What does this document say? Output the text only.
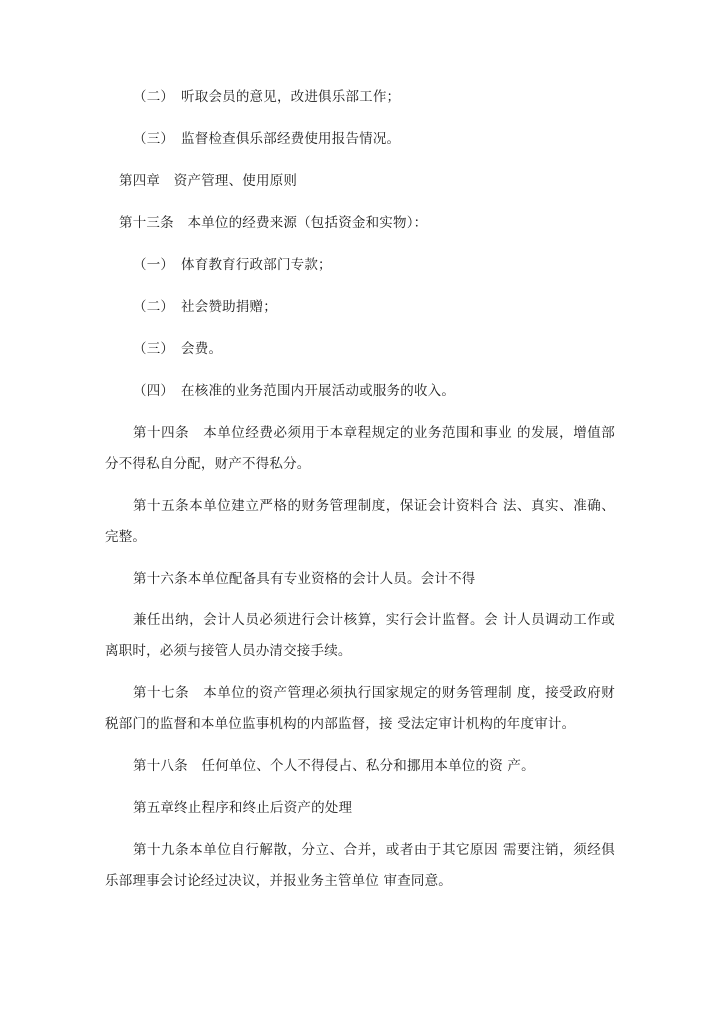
（二）　听取会员的意见，改进俱乐部工作；

（三）　监督检查俱乐部经费使用报告情况。

第四章　资产管理、使用原则

第十三条　本单位的经费来源（包括资金和实物）：

（一）　体育教育行政部门专款；

（二）　社会赞助捐赠；

（三）　会费。

（四）　在核准的业务范围内开展活动或服务的收入。

第十四条　本单位经费必须用于本章程规定的业务范围和事业 的发展，增值部分不得私自分配，财产不得私分。

第十五条本单位建立严格的财务管理制度，保证会计资料合 法、真实、准确、完整。

第十六条本单位配备具有专业资格的会计人员。会计不得

兼任出纳，会计人员必须进行会计核算，实行会计监督。会 计人员调动工作或离职时，必须与接管人员办清交接手续。

第十七条　本单位的资产管理必须执行国家规定的财务管理制 度，接受政府财税部门的监督和本单位监事机构的内部监督，接 受法定审计机构的年度审计。

第十八条　任何单位、个人不得侵占、私分和挪用本单位的资 产。

第五章终止程序和终止后资产的处理

第十九条本单位自行解散，分立、合并，或者由于其它原因 需要注销，须经俱乐部理事会讨论经过决议，并报业务主管单位 审查同意。
